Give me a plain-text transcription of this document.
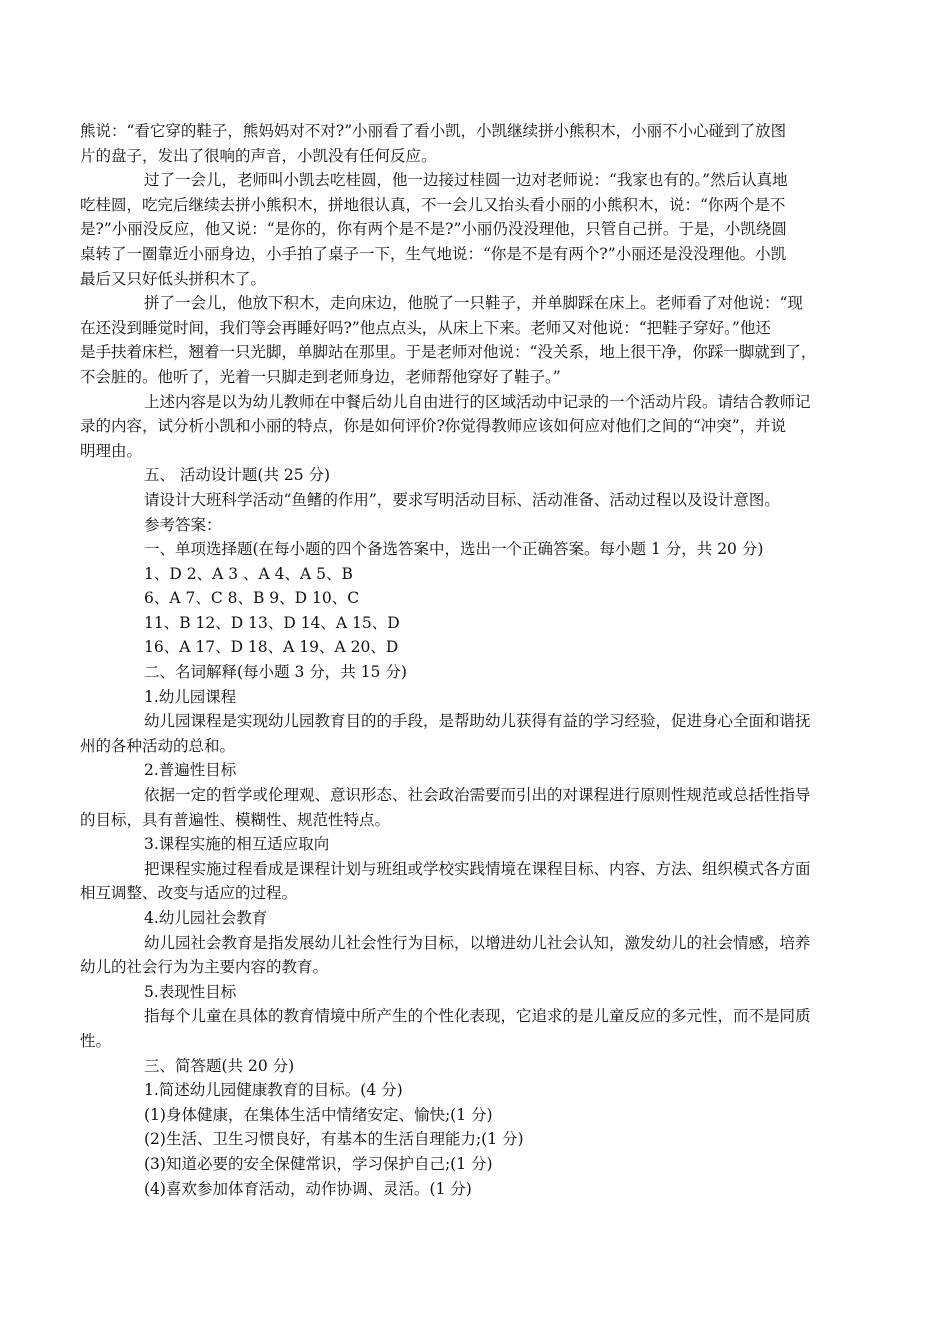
熊说：“看它穿的鞋子，熊妈妈对不对?”小丽看了看小凯，小凯继续拼小熊积木，小丽不小心碰到了放图
片的盘子，发出了很响的声音，小凯没有任何反应。
过了一会儿，老师叫小凯去吃桂圆，他一边接过桂圆一边对老师说：“我家也有的。”然后认真地
吃桂圆，吃完后继续去拼小熊积木，拼地很认真，不一会儿又抬头看小丽的小熊积木，说：“你两个是不
是?”小丽没反应，他又说：“是你的，你有两个是不是?”小丽仍没没理他，只管自己拼。于是，小凯绕圆
桌转了一圈靠近小丽身边，小手拍了桌子一下，生气地说：“你是不是有两个?”小丽还是没没理他。小凯
最后又只好低头拼积木了。
拼了一会儿，他放下积木，走向床边，他脱了一只鞋子，并单脚踩在床上。老师看了对他说：“现
在还没到睡觉时间，我们等会再睡好吗?”他点点头，从床上下来。老师又对他说：“把鞋子穿好。”他还
是手扶着床栏，翘着一只光脚，单脚站在那里。于是老师对他说：“没关系，地上很干净，你踩一脚就到了，
不会脏的。他听了，光着一只脚走到老师身边，老师帮他穿好了鞋子。”
上述内容是以为幼儿教师在中餐后幼儿自由进行的区域活动中记录的一个活动片段。请结合教师记
录的内容，试分析小凯和小丽的特点，你是如何评价?你觉得教师应该如何应对他们之间的“冲突”，并说
明理由。
五、 活动设计题(共 25 分)
请设计大班科学活动“鱼鳍的作用”，要求写明活动目标、活动准备、活动过程以及设计意图。
参考答案：
一、单项选择题(在每小题的四个备选答案中，选出一个正确答案。每小题 1 分，共 20 分)
1、D 2、A 3 、A 4、A 5、B
6、A 7、C 8、B 9、D 10、C
11、B 12、D 13、D 14、A 15、D
16、A 17、D 18、A 19、A 20、D
二、名词解释(每小题 3 分，共 15 分)
1.幼儿园课程
幼儿园课程是实现幼儿园教育目的的手段，是帮助幼儿获得有益的学习经验，促进身心全面和谐抚
州的各种活动的总和。
2.普遍性目标
依据一定的哲学或伦理观、意识形态、社会政治需要而引出的对课程进行原则性规范或总括性指导
的目标，具有普遍性、模糊性、规范性特点。
3.课程实施的相互适应取向
把课程实施过程看成是课程计划与班组或学校实践情境在课程目标、内容、方法、组织模式各方面
相互调整、改变与适应的过程。
4.幼儿园社会教育
幼儿园社会教育是指发展幼儿社会性行为目标，以增进幼儿社会认知，激发幼儿的社会情感，培养
幼儿的社会行为为主要内容的教育。
5.表现性目标
指每个儿童在具体的教育情境中所产生的个性化表现，它追求的是儿童反应的多元性，而不是同质
性。
三、简答题(共 20 分)
1.简述幼儿园健康教育的目标。(4 分)
(1)身体健康，在集体生活中情绪安定、愉快;(1 分)
(2)生活、卫生习惯良好，有基本的生活自理能力;(1 分)
(3)知道必要的安全保健常识，学习保护自己;(1 分)
(4)喜欢参加体育活动，动作协调、灵活。(1 分)
